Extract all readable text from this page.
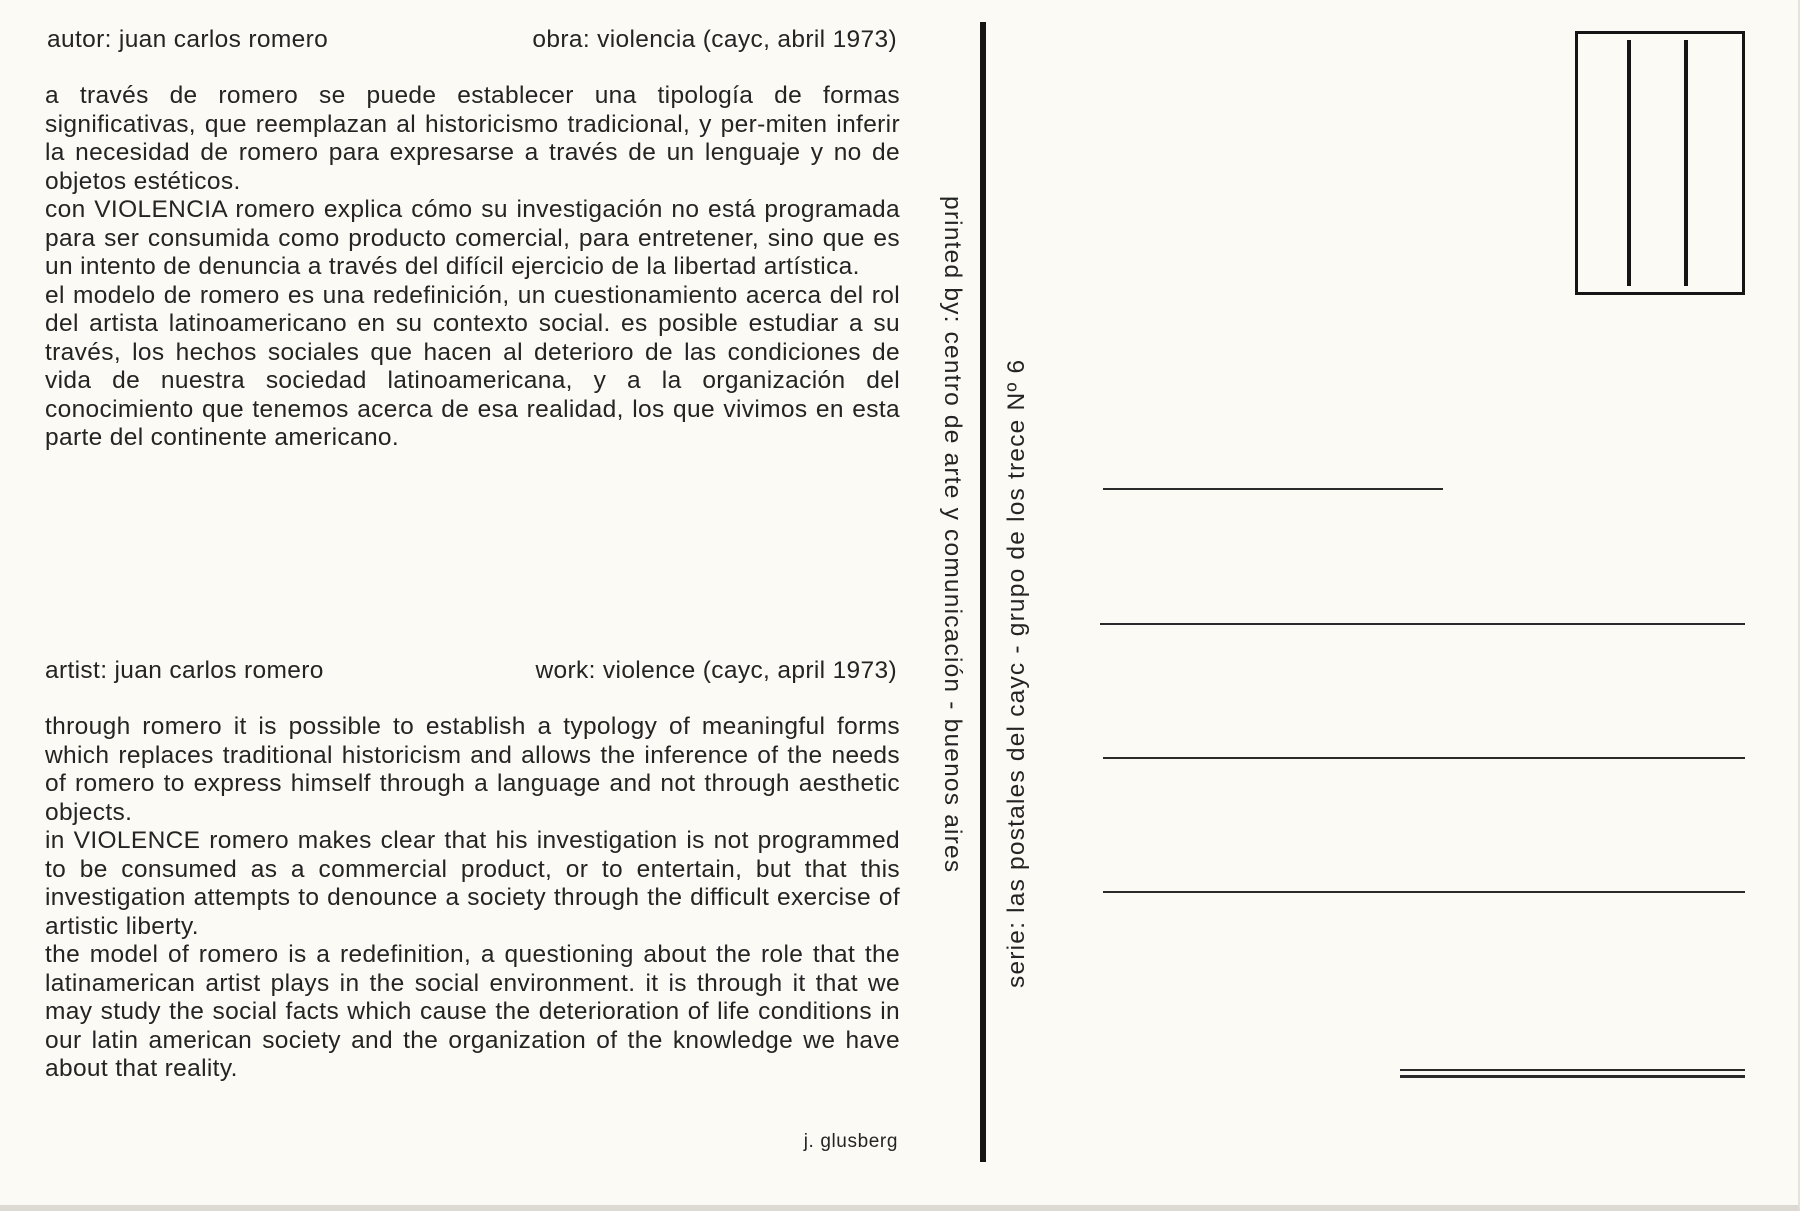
autor: juan carlos romero	obra: violencia (cayc, abril 1973)

a través de romero se puede establecer una tipología de formas significativas, que reemplazan al historicismo tradicional, y per-miten inferir la necesidad de romero para expresarse a través de un lenguaje y no de objetos estéticos.

con VIOLENCIA romero explica cómo su investigación no está programada para ser consumida como producto comercial, para entretener, sino que es un intento de denuncia a través del difícil ejercicio de la libertad artística.

el modelo de romero es una redefinición, un cuestionamiento acerca del rol del artista latinoamericano en su contexto social. es posible estudiar a su través, los hechos sociales que hacen al deterioro de las condiciones de vida de nuestra sociedad latinoamericana, y a la organización del conocimiento que tenemos acerca de esa realidad, los que vivimos en esta parte del continente americano.

artist: juan carlos romero	work: violence (cayc, april 1973)

through romero it is possible to establish a typology of meaningful forms which replaces traditional historicism and allows the inference of the needs of romero to express himself through a language and not through aesthetic objects.

in VIOLENCE romero makes clear that his investigation is not programmed to be consumed as a commercial product, or to entertain, but that this investigation attempts to denounce a society through the difficult exercise of artistic liberty.

the model of romero is a redefinition, a questioning about the role that the latinamerican artist plays in the social environment. it is through it that we may study the social facts which cause the deterioration of life conditions in our latin american society and the organization of the knowledge we have about that reality.

j. glusberg
printed by: centro de arte y comunicación - buenos aires serie: las postales del cayc - grupo de los trece Nº 6
